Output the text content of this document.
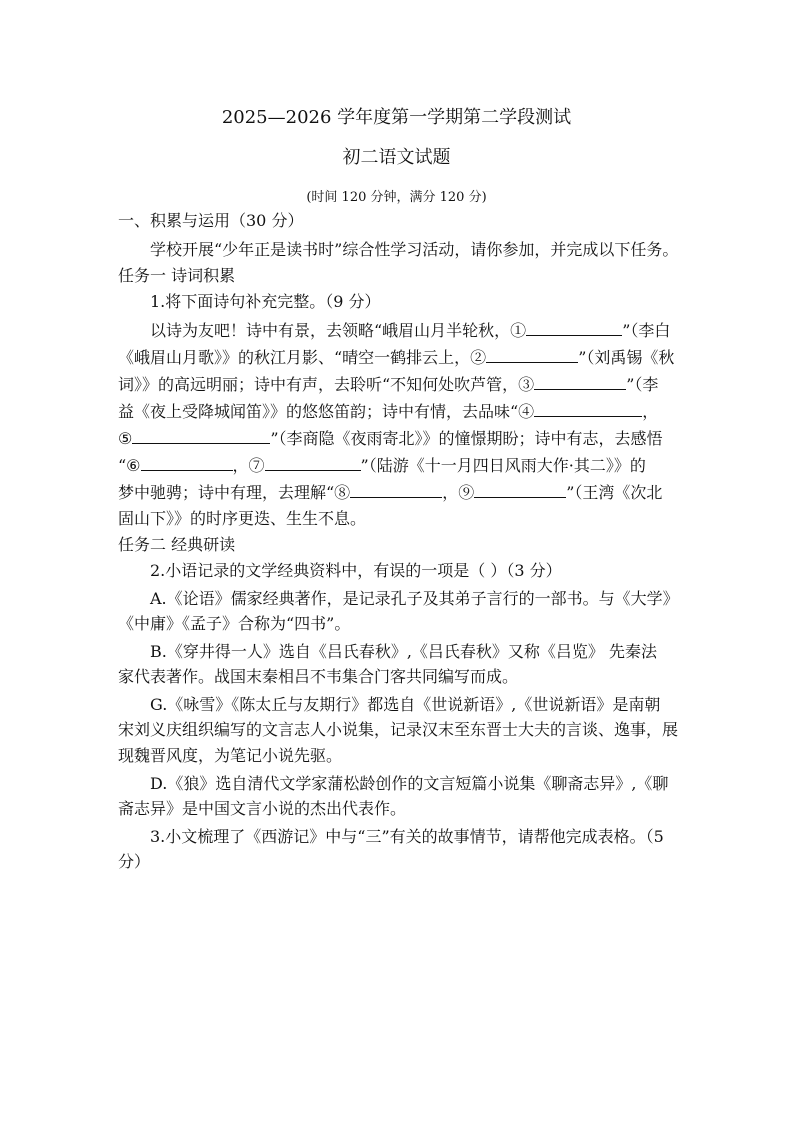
2025—2026 学年度第一学期第二学段测试
初二语文试题
(时间 120 分钟，满分 120 分)
一、积累与运用（30 分）
学校开展“少年正是读书时”综合性学习活动，请你参加，并完成以下任务。
任务一 诗词积累
1.将下面诗句补充完整。（9 分）
以诗为友吧！诗中有景，去领略“峨眉山月半轮秋，①	”（李白
《峨眉山月歌》》的秋江月影、“晴空一鹤排云上，②	”（刘禹锡《秋
词》》的高远明丽；诗中有声，去聆听“不知何处吹芦管，③	”（李
益《夜上受降城闻笛》》的悠悠笛韵；诗中有情，去品味“④	，
⑤	”（李商隐《夜雨寄北》》的憧憬期盼；诗中有志，去感悟
“⑥	，⑦	”（陆游《十一月四日风雨大作·其二》》的
梦中驰骋；诗中有理，去理解“⑧	，⑨	”（王湾《次北
固山下》》的时序更迭、生生不息。
任务二 经典研读
2.小语记录的文学经典资料中，有误的一项是（ ）（3 分）
A.《论语》儒家经典著作，是记录孔子及其弟子言行的一部书。与《大学》
《中庸》《孟子》合称为“四书”。
B.《穿井得一人》选自《吕氏春秋》,《吕氏春秋》又称《吕览》 先秦法
家代表著作。战国末秦相吕不韦集合门客共同编写而成。
G.《咏雪》《陈太丘与友期行》都选自《世说新语》,《世说新语》是南朝
宋刘义庆组织编写的文言志人小说集，记录汉末至东晋士大夫的言谈、逸事，展
现魏晋风度，为笔记小说先驱。
D.《狼》选自清代文学家蒲松龄创作的文言短篇小说集《聊斋志异》,《聊
斋志异》是中国文言小说的杰出代表作。
3.小文梳理了《西游记》中与“三”有关的故事情节，请帮他完成表格。（5
分）
